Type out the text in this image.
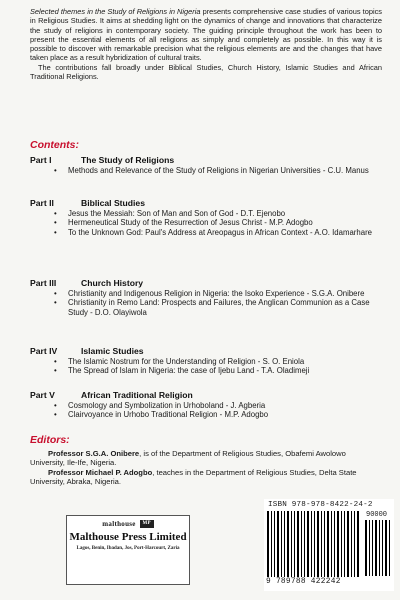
Selected themes in the Study of Religions in Nigeria presents comprehensive case studies of various topics in Religious Studies. It aims at shedding light on the dynamics of change and innovations that characterize the study of religions in contemporary society. The guiding principle throughout the work has been to present the essential elements of all religions as simply and completely as possible. In this way it is possible to discover with remarkable precision what the religious elements are and the changes that have taken place as a result hybridization of cultural traits.

The contributions fall broadly under Biblical Studies, Church History, Islamic Studies and African Traditional Religions.

Contents:
Part I	The Study of Religions
• Methods and Relevance of the Study of Religions in Nigerian Universities - C.U. Manus
Part II	Biblical Studies
• Jesus the Messiah: Son of Man and Son of God - D.T. Ejenobo
• Hermeneutical Study of the Resurrection of Jesus Christ - M.P. Adogbo
• To the Unknown God: Paul's Address at Areopagus in African Context - A.O. Idamarhare
Part III	Church History
• Christianity and Indigenous Religion in Nigeria: the Isoko Experience - S.G.A. Onibere
• Christianity in Remo Land: Prospects and Failures, the Anglican Communion as a Case Study - D.O. Olayiwola
Part IV	Islamic Studies
• The Islamic Nostrum for the Understanding of Religion - S. O. Eniola
• The Spread of Islam in Nigeria: the case of Ijebu Land - T.A. Oladimeji
Part V	African Traditional Religion
• Cosmology and Symbolization in Urhoboland - J. Agberia
• Clairvoyance in Urhobo Traditional Religion - M.P. Adogbo
Editors:

Professor S.G.A. Onibere, is of the Department of Religious Studies, Obafemi Awolowo University, Ile-Ife, Nigeria.

Professor Michael P. Adogbo, teaches in the Department of Religious Studies, Delta State University, Abraka, Nigeria.

malthouse	MP
Malthouse Press Limited
Lagos, Benin, Ibadan, Jos, Port-Harcourt, Zaria
ISBN 978-978-8422-24-2
90000
9 789788 422242
